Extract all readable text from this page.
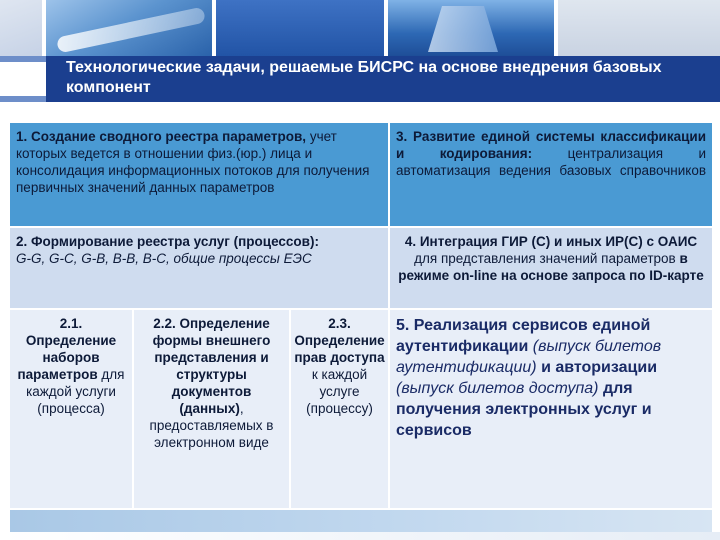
Технологические задачи, решаемые БИСРС на основе внедрения базовых компонент
1. Создание сводного реестра параметров, учет которых ведется в отношении физ.(юр.) лица и консолидация информационных потоков для получения первичных значений данных параметров
3. Развитие единой системы классификации и кодирования:	централизация и автоматизация ведения базовых справочников
2. Формирование реестра услуг (процессов):
G-G, G-C, G-B, B-B, B-C, общие процессы ЕЭС
4. Интеграция ГИР (С) и иных ИР(С) с ОАИС для представления значений параметров в режиме on-line на основе запроса по ID-карте
2.1. Определение наборов параметров для каждой услуги (процесса)
2.2. Определение формы внешнего представления и структуры документов (данных), предоставляемых в электронном виде
2.3. Определение прав доступа к каждой услуге (процессу)
5. Реализация сервисов единой аутентификации (выпуск билетов аутентификации) и авторизации (выпуск билетов доступа) для получения электронных услуг и сервисов
